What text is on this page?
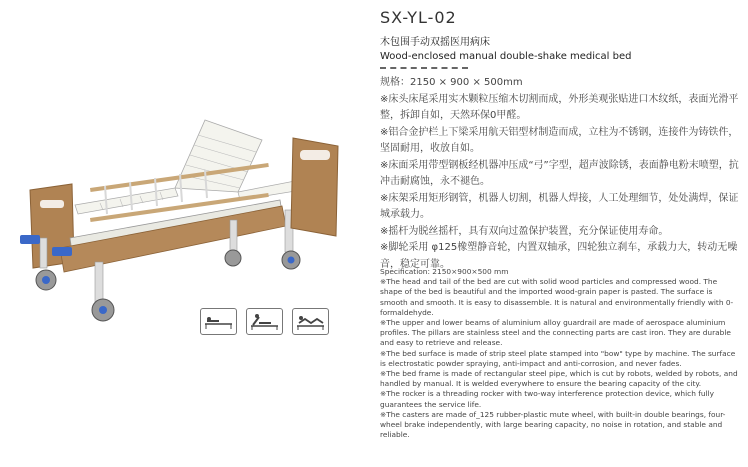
SX-YL-02
木包围手动双摇医用病床
Wood-enclosed manual double-shake medical bed

规格：2150 × 900 × 500mm

※床头床尾采用实木颗粒压缩木切割而成，外形美观张贴进口木纹纸，表面光滑平整，拆卸自如，天然环保0甲醛。

※铝合金护栏上下梁采用航天铝型材制造而成，立柱为不锈钢，连接件为铸铁件，坚固耐用，收放自如。

※床面采用带型钢板经机器冲压成“弓”字型，超声波除锈，表面静电粉末喷塑，抗冲击耐腐蚀，永不褪色。

※床架采用矩形钢管，机器人切割，机器人焊接，人工处理细节，处处满焊，保证城承载力。

※摇杆为脱丝摇杆，具有双向过盈保护装置，充分保证使用寿命。

※脚轮采用 φ125橡塑静音轮，内置双轴承，四轮独立刹车，承载力大，转动无噪音，稳定可靠。

Specification: 2150×900×500 mm

※The head and tail of the bed are cut with solid wood particles and compressed wood. The shape of the bed is beautiful and the imported wood-grain paper is pasted. The surface is smooth and smooth. It is easy to disassemble. It is natural and environmentally friendly with 0-formaldehyde.

※The upper and lower beams of aluminium alloy guardrail are made of aerospace aluminium profiles. The pillars are stainless steel and the connecting parts are cast iron. They are durable and easy to retrieve and release.

※The bed surface is made of strip steel plate stamped into "bow" type by machine. The surface is electrostatic powder spraying, anti-impact and anti-corrosion, and never fades.

※The bed frame is made of rectangular steel pipe, which is cut by robots, welded by robots, and handled by manual. It is welded everywhere to ensure the bearing capacity of the city.

※The rocker is a threading rocker with two-way interference protection device, which fully guarantees the service life.

※The casters are made of_125 rubber-plastic mute wheel, with built-in double bearings, four-wheel brake independently, with large bearing capacity, no noise in rotation, and stable and reliable.
